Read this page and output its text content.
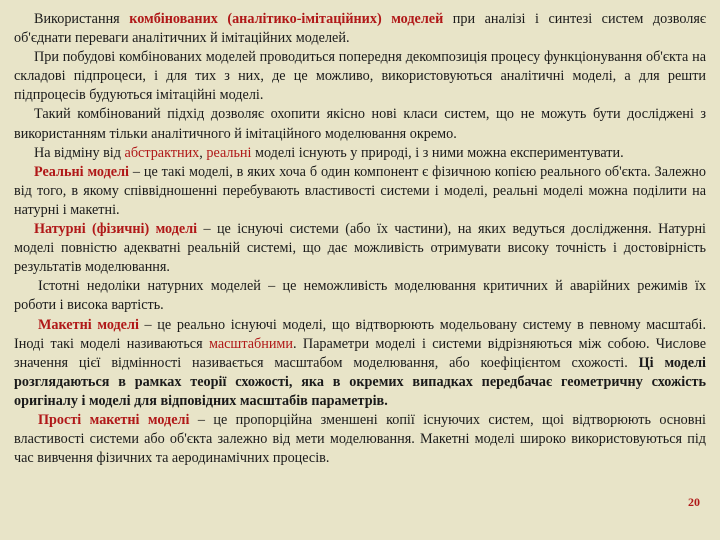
Використання комбінованих (аналітико-імітаційних) моделей при аналізі і синтезі систем дозволяє об'єднати переваги аналітичних й імітаційних моделей.

При побудові комбінованих моделей проводиться попередня декомпозиція процесу функціонування об'єкта на складові підпроцеси, і для тих з них, де це можливо, використовуються аналітичні моделі, а для решти підпроцесів будуються імітаційні моделі.

Такий комбінований підхід дозволяє охопити якісно нові класи систем, що не можуть бути досліджені з використанням тільки аналітичного й імітаційного моделювання окремо.

На відміну від абстрактних, реальні моделі існують у природі, і з ними можна експериментувати.

Реальні моделі – це такі моделі, в яких хоча б один компонент є фізичною копією реального об'єкта. Залежно від того, в якому співвідношенні перебувають властивості системи і моделі, реальні моделі можна поділити на натурні і макетні.

Натурні (фізичні) моделі – це існуючі системи (або їх частини), на яких ведуться дослідження. Натурні моделі повністю адекватні реальній системі, що дає можливість отримувати високу точність і достовірність результатів моделювання.

Істотні недоліки натурних моделей – це неможливість моделювання критичних й аварійних режимів їх роботи і висока вартість.

Макетні моделі – це реально існуючі моделі, що відтворюють модельовану систему в певному масштабі. Іноді такі моделі називаються масштабними. Параметри моделі і системи відрізняються між собою. Числове значення цієї відмінності називається масштабом моделювання, або коефіцієнтом схожості. Ці моделі розглядаються в рамках теорії схожості, яка в окремих випадках передбачає геометричну схожість оригіналу і моделі для відповідних масштабів параметрів.

Прості макетні моделі – це пропорційна зменшені копії існуючих систем, щоі відтворюють основні властивості системи або об'єкта залежно від мети моделювання. Макетні моделі широко використовуються під час вивчення фізичних та аеродинамічних процесів.

20
